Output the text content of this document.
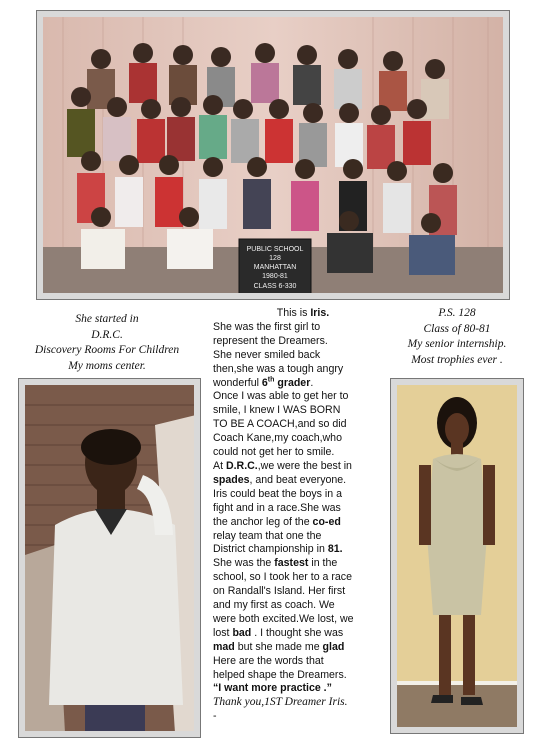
PUBLIC SCHOOL
128
MANHATTAN
1980-81
CLASS 6-330
She started in
D.R.C.
Discovery Rooms For Children
My moms center.
P.S. 128
Class of 80-81
My senior internship.
Most trophies ever .
This is Iris.
She was the first girl to
represent the Dreamers.
She never smiled back
then,she was a tough angry
wonderful 6th grader.
Once I was able to get her to
smile, I knew I WAS BORN
TO BE A COACH,and so did
Coach Kane,my coach,who
could not get her to smile.
At D.R.C.,we were the best in
spades, and beat everyone.
Iris could beat the boys in a
fight and in a race.She was
the anchor leg of the co-ed
relay team that one the
District championship in 81.
She was the fastest in the
school, so I took her to a race
on Randall's Island. Her first
and my first as coach. We
were both excited.We lost, we
lost bad . I thought she was
mad but she made me glad
Here are the words that
helped shape the Dreamers.
“I want more practice .”
Thank you,1ST Dreamer Iris.
-
